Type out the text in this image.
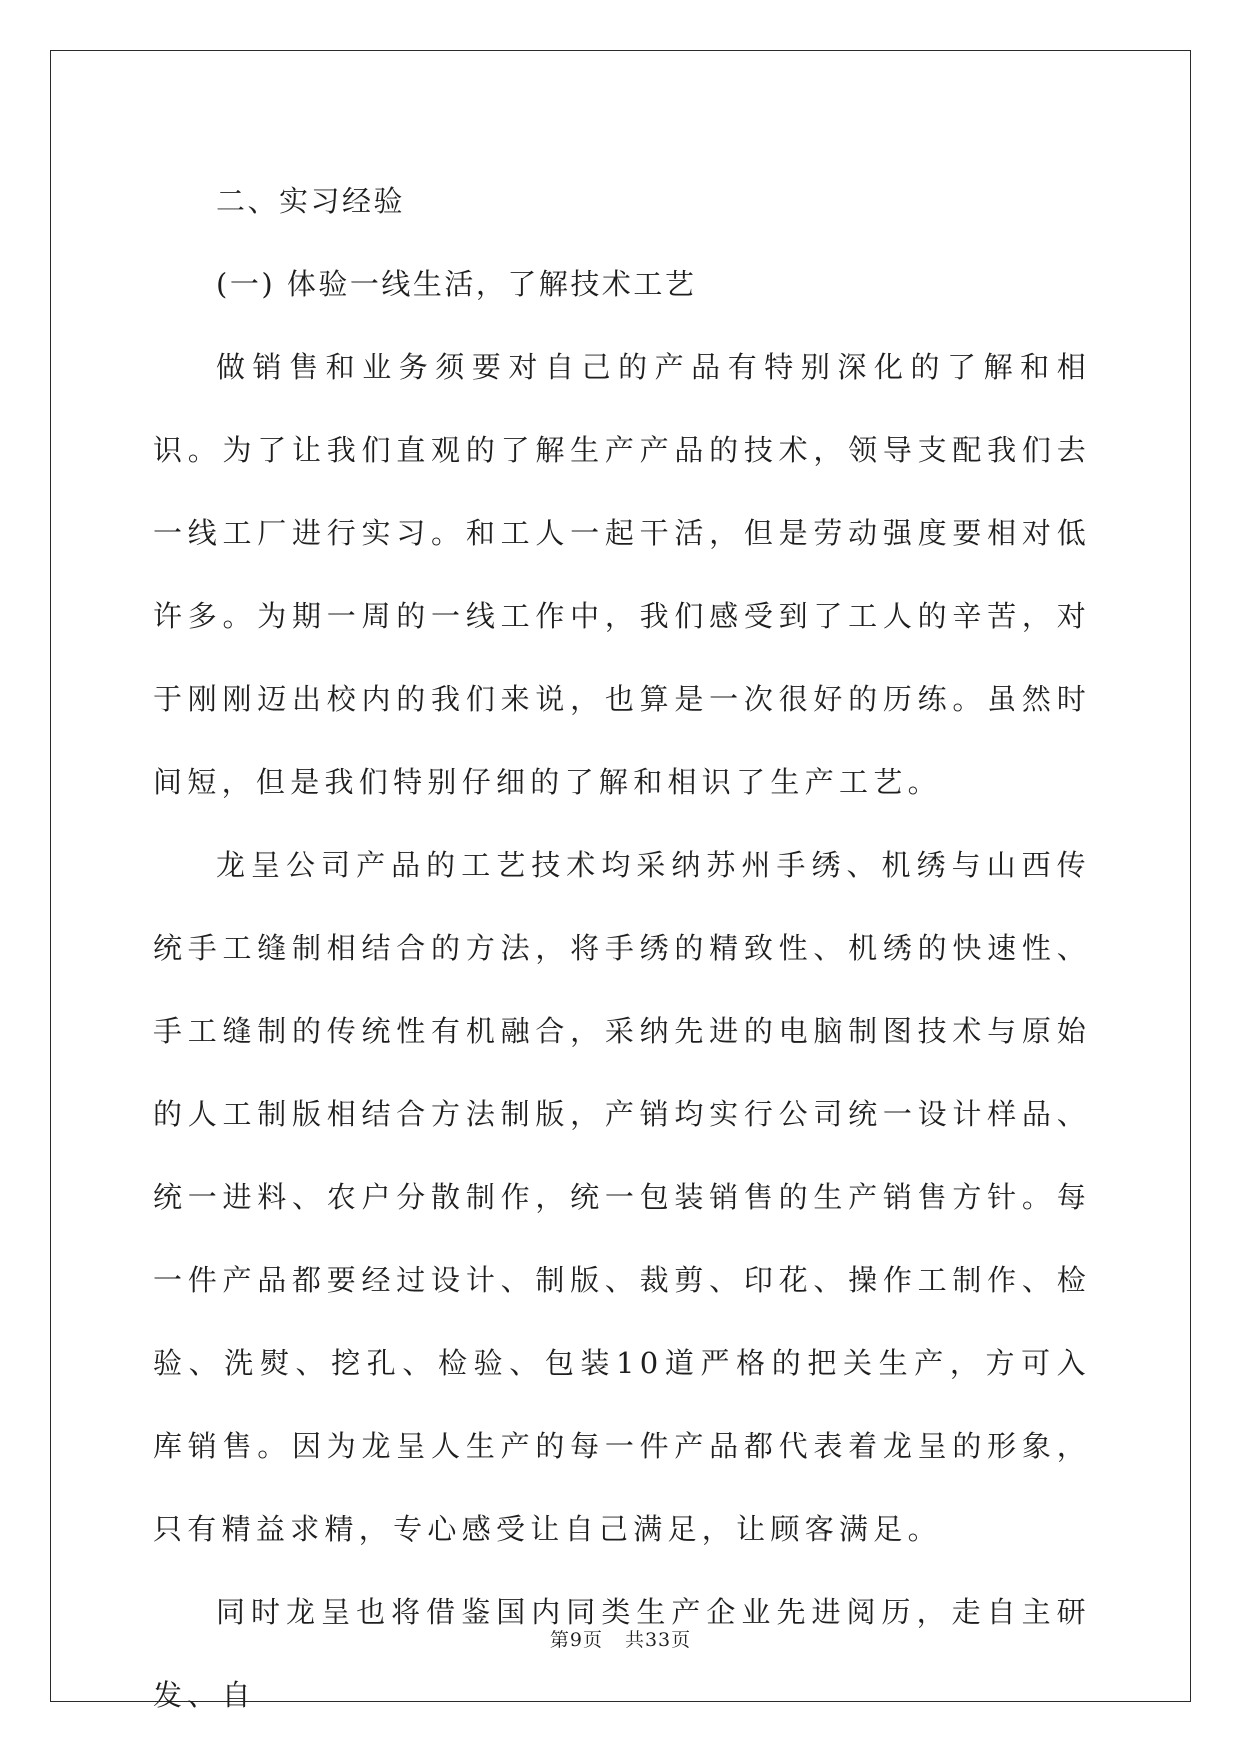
二、实习经验
(一) 体验一线生活，了解技术工艺

做销售和业务须要对自己的产品有特别深化的了解和相识。为了让我们直观的了解生产产品的技术，领导支配我们去一线工厂进行实习。和工人一起干活，但是劳动强度要相对低许多。为期一周的一线工作中，我们感受到了工人的辛苦，对于刚刚迈出校内的我们来说，也算是一次很好的历练。虽然时间短，但是我们特别仔细的了解和相识了生产工艺。

龙呈公司产品的工艺技术均采纳苏州手绣、机绣与山西传统手工缝制相结合的方法，将手绣的精致性、机绣的快速性、手工缝制的传统性有机融合，采纳先进的电脑制图技术与原始的人工制版相结合方法制版，产销均实行公司统一设计样品、统一进料、农户分散制作，统一包装销售的生产销售方针。每一件产品都要经过设计、制版、裁剪、印花、操作工制作、检验、洗熨、挖孔、检验、包装10道严格的把关生产，方可入库销售。因为龙呈人生产的每一件产品都代表着龙呈的形象，只有精益求精，专心感受让自己满足，让顾客满足。

同时龙呈也将借鉴国内同类生产企业先进阅历，走自主研发、自

第9页 共33页
